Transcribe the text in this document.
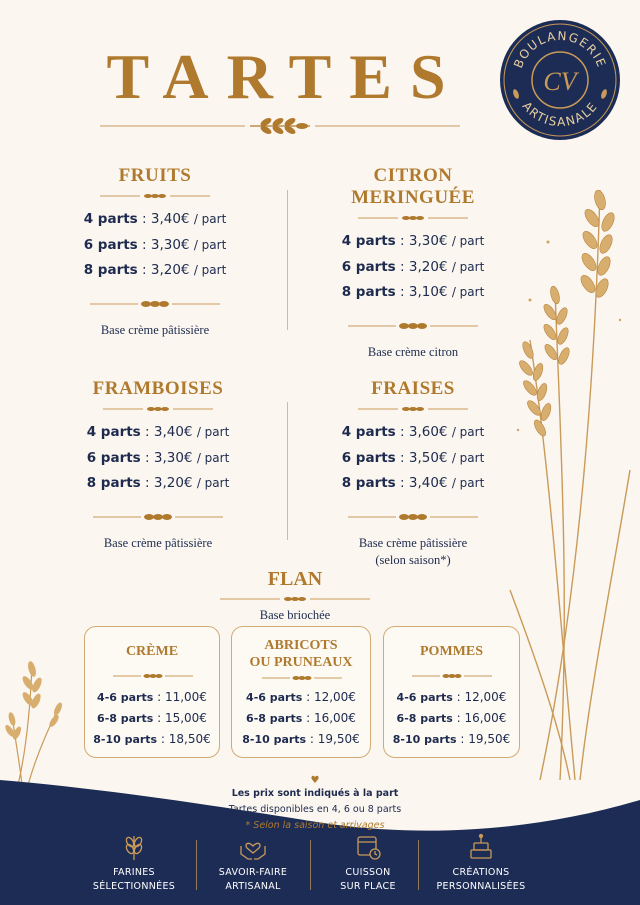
TARTES	BOULANGERIE
ARTISANALE
CV
FRUITS
4 parts : 3,40€ / part
6 parts : 3,30€ / part
8 parts : 3,20€ / part
Base crème pâtissière
CITRON MERINGUÉE
4 parts : 3,30€ / part
6 parts : 3,20€ / part
8 parts : 3,10€ / part
Base crème citron
FRAMBOISES
4 parts : 3,40€ / part
6 parts : 3,30€ / part
8 parts : 3,20€ / part
Base crème pâtissière
FRAISES
4 parts : 3,60€ / part
6 parts : 3,50€ / part
8 parts : 3,40€ / part
Base crème pâtissière
(selon saison*)
FLAN
Base briochée
CRÈME
4-6 parts : 11,00€
6-8 parts : 15,00€
8-10 parts : 18,50€
ABRICOTS
OU PRUNEAUX
4-6 parts : 12,00€
6-8 parts : 16,00€
8-10 parts : 19,50€
POMMES
4-6 parts : 12,00€
6-8 parts : 16,00€
8-10 parts : 19,50€
♥
Les prix sont indiqués à la part
Tartes disponibles en 4, 6 ou 8 parts
* Selon la saison et arrivages
FARINES
SÉLECTIONNÉES
SAVOIR-FAIRE
ARTISANAL
CUISSON
SUR PLACE
CRÉATIONS
PERSONNALISÉES
